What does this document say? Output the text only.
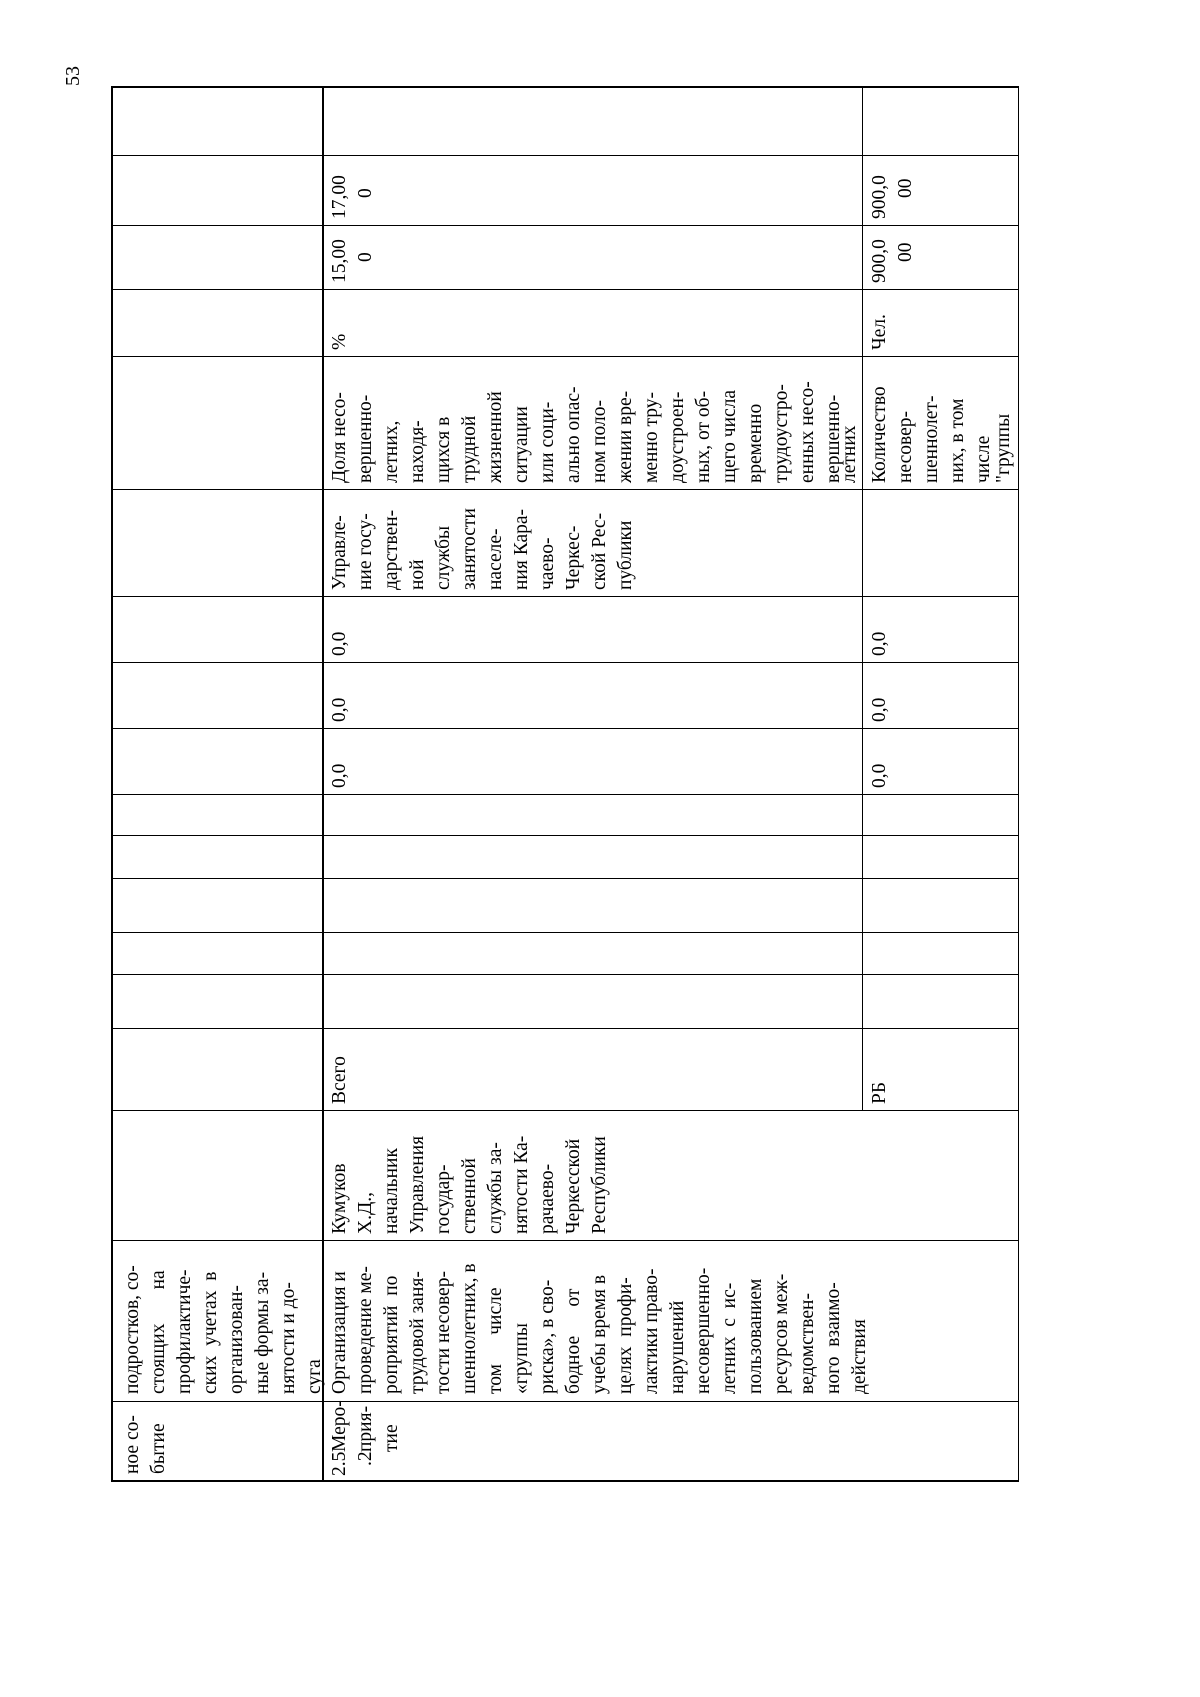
53
ное со- бытие
подростков, со- стоящих       на профилактиче- ских  учетах  в организован- ные формы за- нятости и до- суга
2.5 .2
Меро- прия- тие
Организация и проведение ме- роприятий  по трудовой заня- тости несовер- шеннолетних, в том      числе «группы риска», в сво- бодное      от учебы время в целях  профи- лактики право- нарушений несовершенно- летних  с  ис- пользованием ресурсов меж- ведомствен- ного  взаимо- действия
Кумуков Х.Д., начальник Управления государ- ственной службы за- нятости Ка- рачаево- Черкесской Республики
Всего	РБ
0,0
0,0
0,0
0,0
0,0
0,0
Управле- ние госу- дарствен- ной службы занятости населе- ния Кара- чаево- Черкес- ской Рес- публики
Доля несо- вершенно- летних, находя- щихся в трудной жизненной ситуации или соци- ально опас- ном поло- жении вре- менно тру- доустроен- ных, от об- щего числа временно трудоустро- енных несо- вершенно-
летних
%
15,00 0
17,00 0
Количество несовер- шеннолет- них, в том числе "группы
Чел.
900,0 00
900,0 00
